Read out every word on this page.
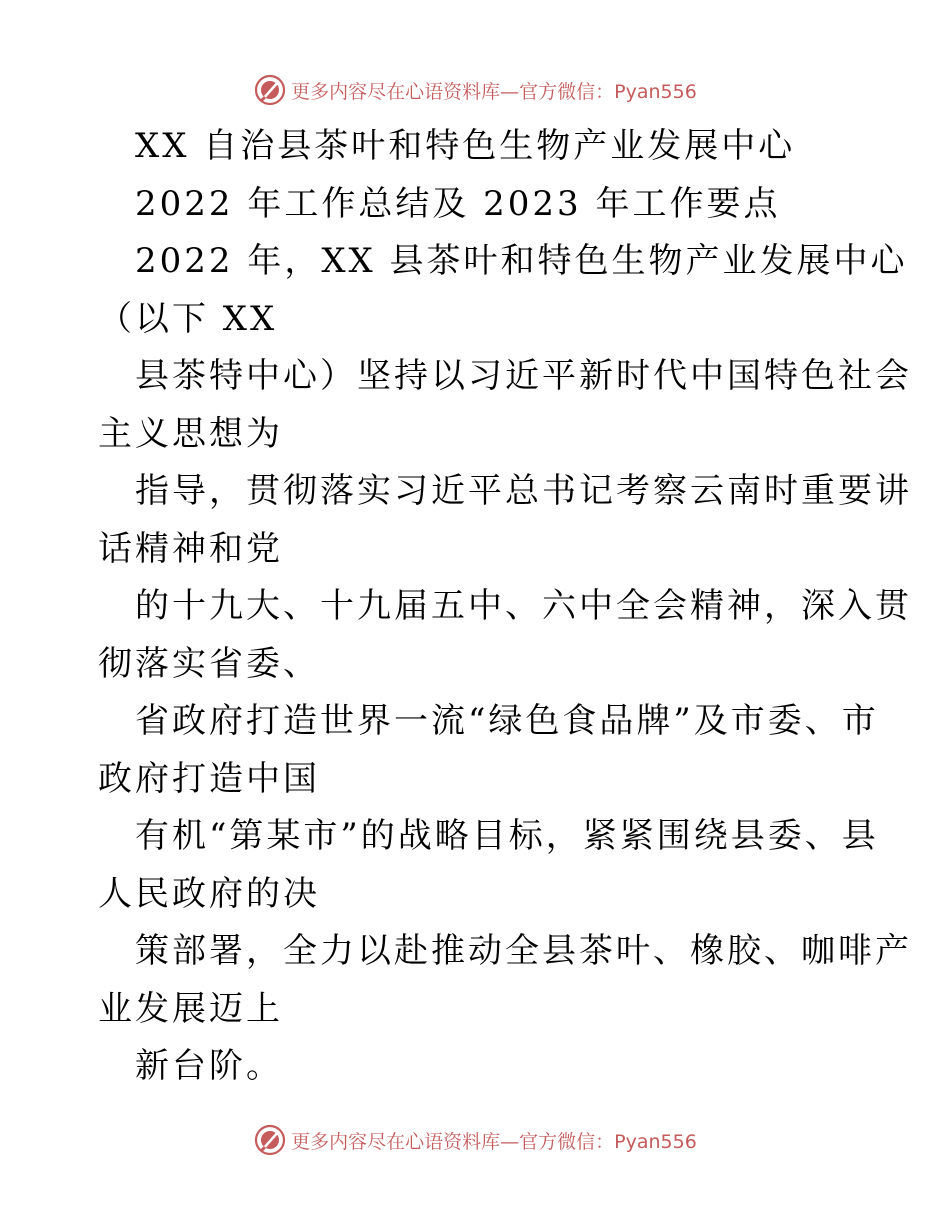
更多内容尽在心语资料库—官方微信：Pyan556
XX 自治县茶叶和特色生物产业发展中心
2022 年工作总结及 2023 年工作要点
2022 年，XX 县茶叶和特色生物产业发展中心
（以下 XX
县茶特中心）坚持以习近平新时代中国特色社会
主义思想为
指导，贯彻落实习近平总书记考察云南时重要讲
话精神和党
的十九大、十九届五中、六中全会精神，深入贯
彻落实省委、
省政府打造世界一流“绿色食品牌”及市委、市
政府打造中国
有机“第某市”的战略目标，紧紧围绕县委、县
人民政府的决
策部署，全力以赴推动全县茶叶、橡胶、咖啡产
业发展迈上
新台阶。
更多内容尽在心语资料库—官方微信：Pyan556
